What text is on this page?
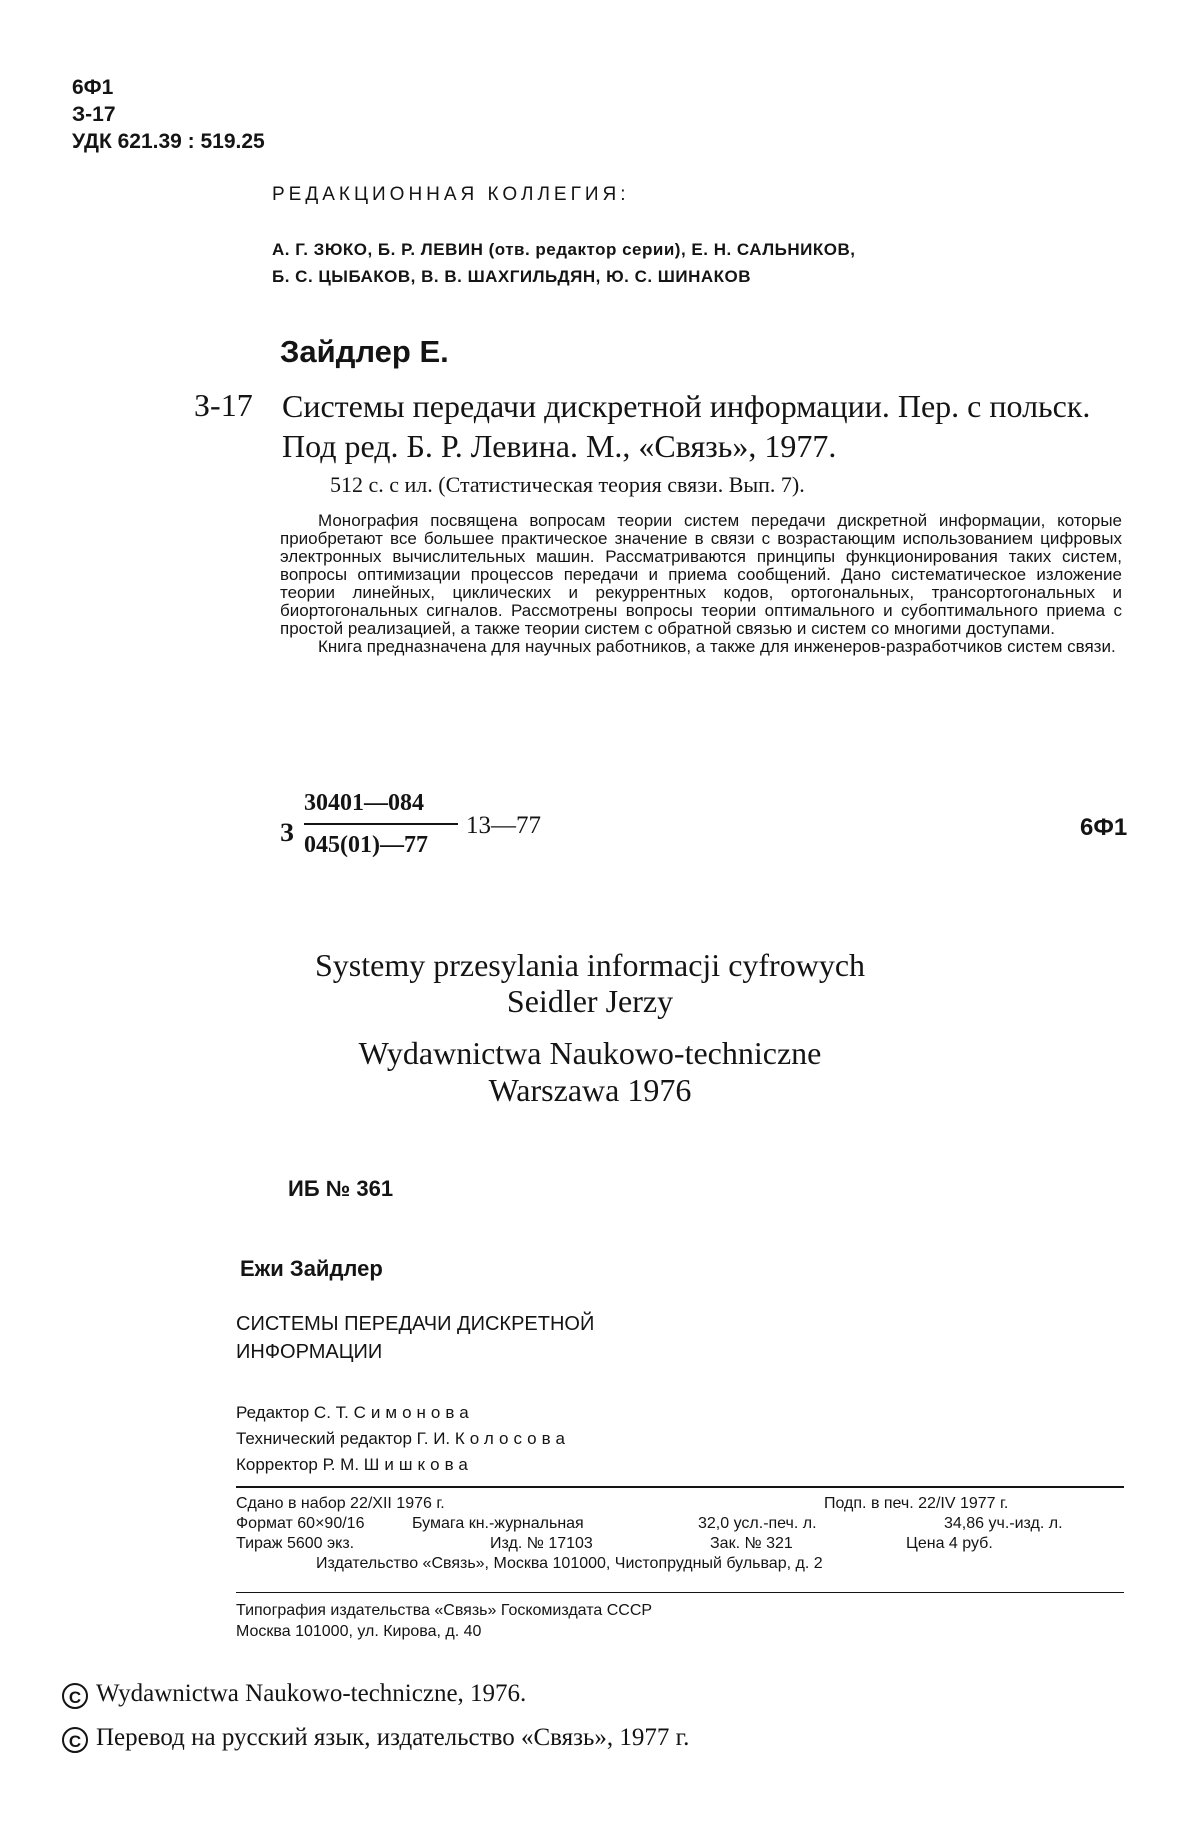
6Ф1
З-17
УДК 621.39 : 519.25
РЕДАКЦИОННАЯ КОЛЛЕГИЯ:
А. Г. ЗЮКО, Б. Р. ЛЕВИН (отв. редактор серии), Е. Н. САЛЬНИКОВ,
Б. С. ЦЫБАКОВ, В. В. ШАХГИЛЬДЯН, Ю. С. ШИНАКОВ
Зайдлер Е.
З-17 Системы передачи дискретной информации. Пер. с польск. Под ред. Б. Р. Левина. М., «Связь», 1977.
512 с. с ил. (Статистическая теория связи. Вып. 7).

Монография посвящена вопросам теории систем передачи дискретной информации, которые приобретают все большее практическое значение в связи с возрастающим использованием цифровых электронных вычислительных машин. Рассматриваются принципы функционирования таких систем, вопросы оптимизации процессов передачи и приема сообщений. Дано систематическое изложение теории линейных, циклических и рекуррентных кодов, ортогональных, трансортогональных и биортогональных сигналов. Рассмотрены вопросы теории оптимального и субоптимального приема с простой реализацией, а также теории систем с обратной связью и систем со многими доступами.

Книга предназначена для научных работников, а также для инженеров-разработчиков систем связи.

З
30401—084
045(01)—77
13—77	6Ф1
Systemy przesylania informacji cyfrowych
Seidler Jerzy
Wydawnictwa Naukowo-techniczne
Warszawa 1976
ИБ № 361
Ежи Зайдлер
СИСТЕМЫ ПЕРЕДАЧИ ДИСКРЕТНОЙ
ИНФОРМАЦИИ
Редактор С. Т. Симонова
Технический редактор Г. И. Колосова
Корректор Р. М. Шишкова
Сдано в набор 22/XII 1976 г.	Подп. в печ. 22/IV 1977 г.
Формат 60×90/16	Бумага кн.-журнальная	32,0 усл.-печ. л.	34,86 уч.-изд. л.
Тираж 5600 экз.	Изд. № 17103	Зак. № 321	Цена 4 руб.
Издательство «Связь», Москва 101000, Чистопрудный бульвар, д. 2
Типография издательства «Связь» Госкомиздата СССР
Москва 101000, ул. Кирова, д. 40
C Wydawnictwa Naukowo-techniczne, 1976.
C Перевод на русский язык, издательство «Связь», 1977 г.
